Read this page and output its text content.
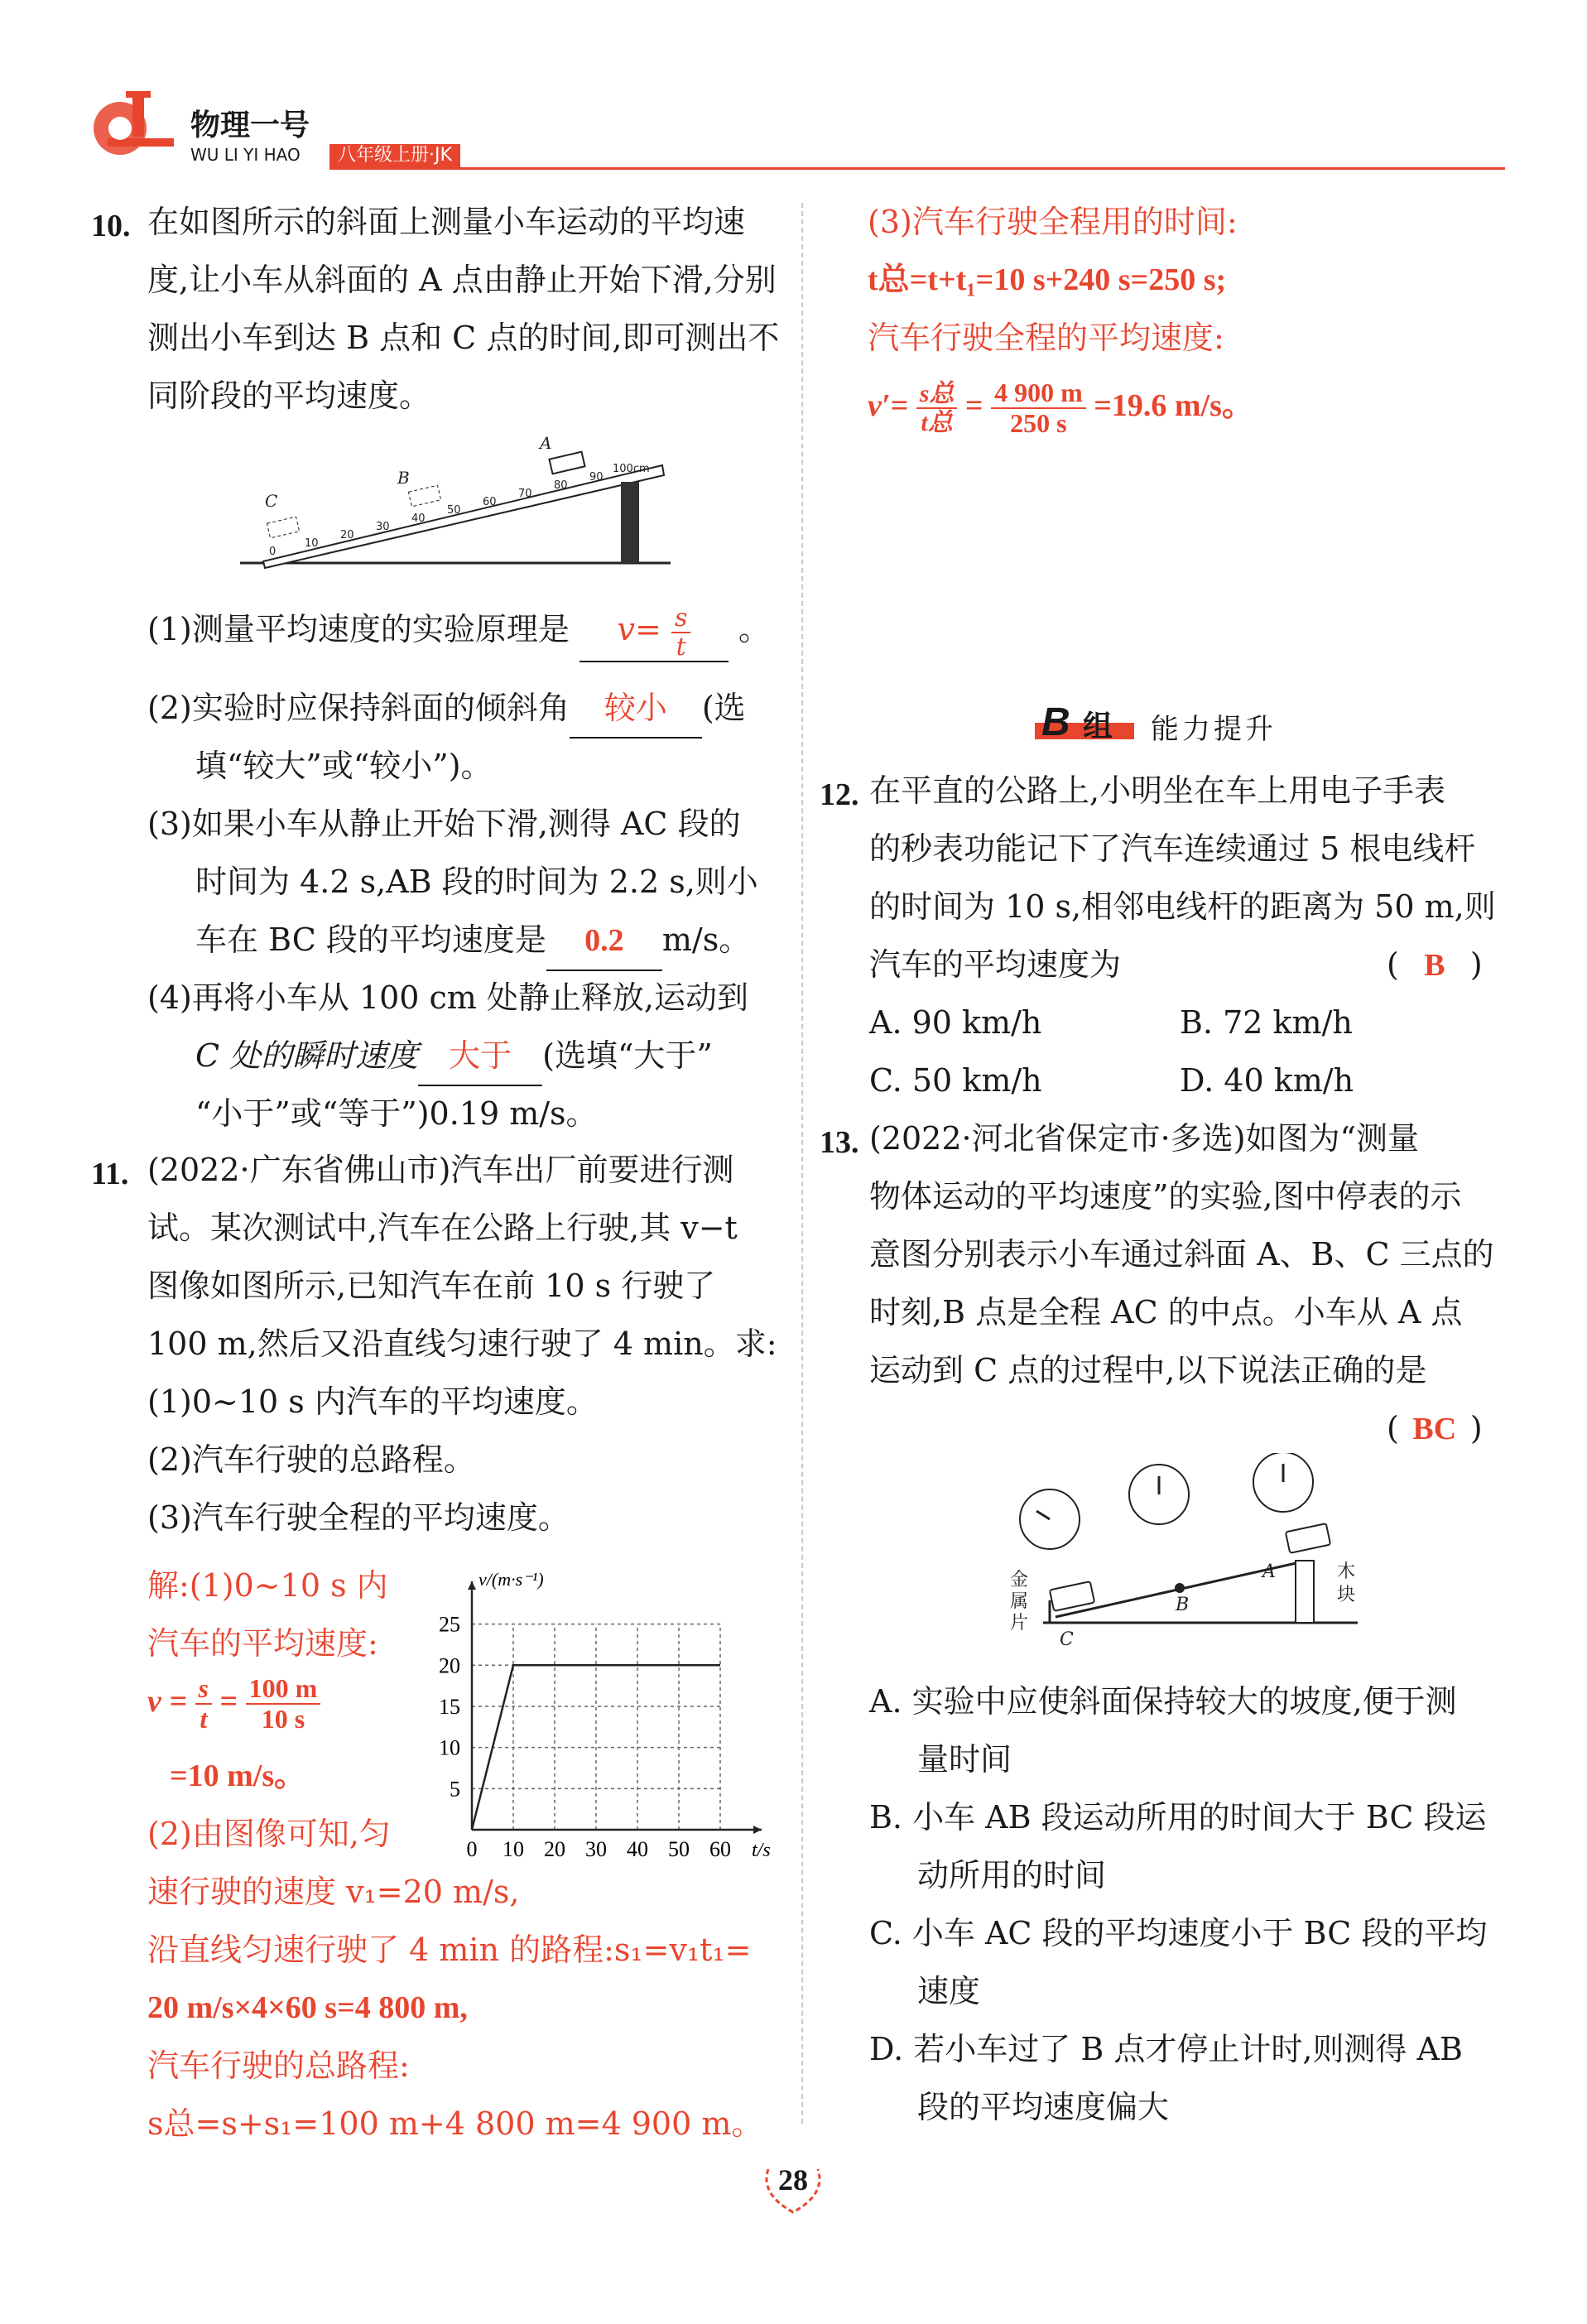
物理一号
WU LI YI HAO	八年级上册·JK
10. 在如图所示的斜面上测量小车运动的平均速
度,让小车从斜面的 A 点由静止开始下滑,分别
测出小车到达 B 点和 C 点的时间,即可测出不
同阶段的平均速度。
0
10
20
30
40
50
60
70
80
90
100cm
A
B
C
(1)测量平均速度的实验原理是 $v= \frac{s}{t}$ 。
(2)实验时应保持斜面的倾斜角 较小 (选
填“较大”或“较小”)。
(3)如果小车从静止开始下滑,测得 AC 段的
时间为 4.2 s,AB 段的时间为 2.2 s,则小
车在 BC 段的平均速度是 0.2 m/s。
(4)再将小车从 100 cm 处静止释放,运动到
C 处的瞬时速度 大于 (选填“大于”
“小于”或“等于”)0.19 m/s。
11. (2022·广东省佛山市)汽车出厂前要进行测
试。某次测试中,汽车在公路上行驶,其 v−t
图像如图所示,已知汽车在前 10 s 行驶了
100 m,然后又沿直线匀速行驶了 4 min。求:
(1)0~10 s 内汽车的平均速度。
(2)汽车行驶的总路程。
(3)汽车行驶全程的平均速度。
解:(1)0~10 s 内
汽车的平均速度:
$v = \frac{s}{t} = \frac{100 m}{10 s}$
=10 m/s。
(2)由图像可知,匀
速行驶的速度 v₁=20 m/s,
沿直线匀速行驶了 4 min 的路程:s₁=v₁t₁=
20 m/s×4×60 s=4 800 m,
汽车行驶的总路程:
s总=s+s₁=100 m+4 800 m=4 900 m。
0 10 20 30 40 50 60
5
10
15
20
25
t/s
v/(m·s⁻¹)
(3)汽车行驶全程用的时间:
t总=t+t₁=10 s+240 s=250 s;
汽车行驶全程的平均速度:
$v'= \frac{\text{s总}}{\text{t总}} = \frac{4 900 m}{250 s} =19.6$ m/s。
B 组 能力提升
12. 在平直的公路上,小明坐在车上用电子手表
的秒表功能记下了汽车连续通过 5 根电线杆
的时间为 10 s,相邻电线杆的距离为 50 m,则
汽车的平均速度为	( B )
A. 90 km/h	B. 72 km/h
C. 50 km/h	D. 40 km/h
13. (2022·河北省保定市·多选)如图为“测量
物体运动的平均速度”的实验,图中停表的示
意图分别表示小车通过斜面 A、B、C 三点的
时刻,B 点是全程 AC 的中点。小车从 A 点
运动到 C 点的过程中,以下说法正确的是
( BC )
金
属
片
木
块
A
B
C
A. 实验中应使斜面保持较大的坡度,便于测
量时间
B. 小车 AB 段运动所用的时间大于 BC 段运
动所用的时间
C. 小车 AC 段的平均速度小于 BC 段的平均
速度
D. 若小车过了 B 点才停止计时,则测得 AB
段的平均速度偏大
28
